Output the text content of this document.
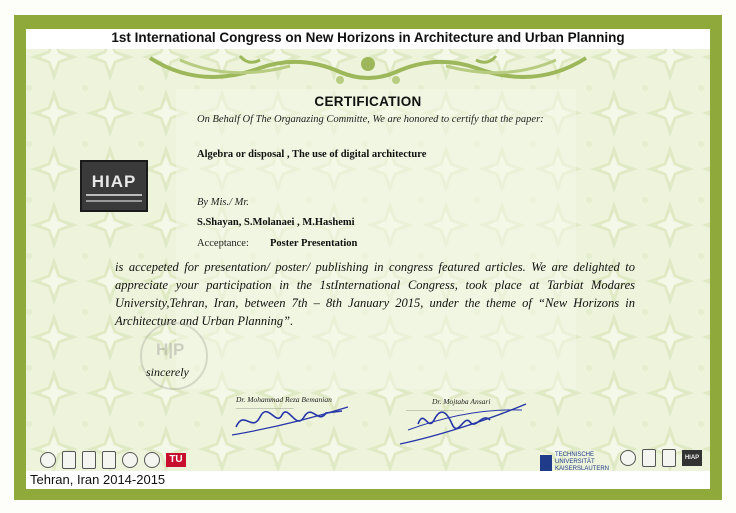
1st International Congress on New Horizons in Architecture and Urban Planning
CERTIFICATION
On Behalf Of The Organazing Committe, We are honored to certify that the paper:
Algebra or disposal , The use of digital architecture
HIAP
By Mis./ Mr.
S.Shayan, S.Molanaei , M.Hashemi
Acceptance: Poster Presentation
is accepeted for presentation/ poster/ publishing in congress featured articles. We are delighted to appreciate your participation in the 1stInternational Congress, took place at Tarbiat Modares University,Tehran, Iran, between 7th – 8th January 2015, under the theme of “New Horizons in Architecture and Urban Planning”.
H|P
sincerely
Dr. Mohammad Reza Bemanian
_____________________
Dr. Mojtaba Ansari
_____________________
TU	TECHNISCHE UNIVERSITÄT KAISERSLAUTERN
HIAP
Tehran, Iran 2014-2015
